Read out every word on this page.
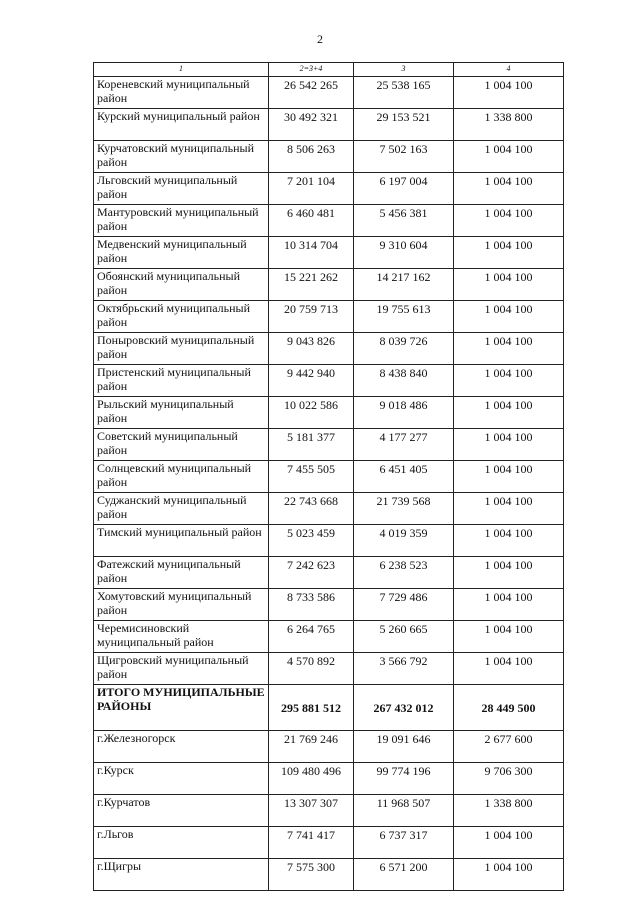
2
1	2=3+4	3	4
Кореневский муниципальный район	26 542 265	25 538 165	1 004 100
Курский муниципальный район	30 492 321	29 153 521	1 338 800
Курчатовский муниципальный район	8 506 263	7 502 163	1 004 100
Льговский муниципальный район	7 201 104	6 197 004	1 004 100
Мантуровский муниципальный район	6 460 481	5 456 381	1 004 100
Медвенский муниципальный район	10 314 704	9 310 604	1 004 100
Обоянский муниципальный район	15 221 262	14 217 162	1 004 100
Октябрьский муниципальный район	20 759 713	19 755 613	1 004 100
Поныровский муниципальный район	9 043 826	8 039 726	1 004 100
Пристенский муниципальный район	9 442 940	8 438 840	1 004 100
Рыльский муниципальный район	10 022 586	9 018 486	1 004 100
Советский муниципальный район	5 181 377	4 177 277	1 004 100
Солнцевский муниципальный район	7 455 505	6 451 405	1 004 100
Суджанский муниципальный район	22 743 668	21 739 568	1 004 100
Тимский муниципальный район	5 023 459	4 019 359	1 004 100
Фатежский муниципальный район	7 242 623	6 238 523	1 004 100
Хомутовский муниципальный район	8 733 586	7 729 486	1 004 100
Черемисиновский муниципальный район	6 264 765	5 260 665	1 004 100
Щигровский муниципальный район	4 570 892	3 566 792	1 004 100
ИТОГО МУНИЦИПАЛЬНЫЕ РАЙОНЫ	295 881 512	267 432 012	28 449 500
г.Железногорск	21 769 246	19 091 646	2 677 600
г.Курск	109 480 496	99 774 196	9 706 300
г.Курчатов	13 307 307	11 968 507	1 338 800
г.Льгов	7 741 417	6 737 317	1 004 100
г.Щигры	7 575 300	6 571 200	1 004 100
